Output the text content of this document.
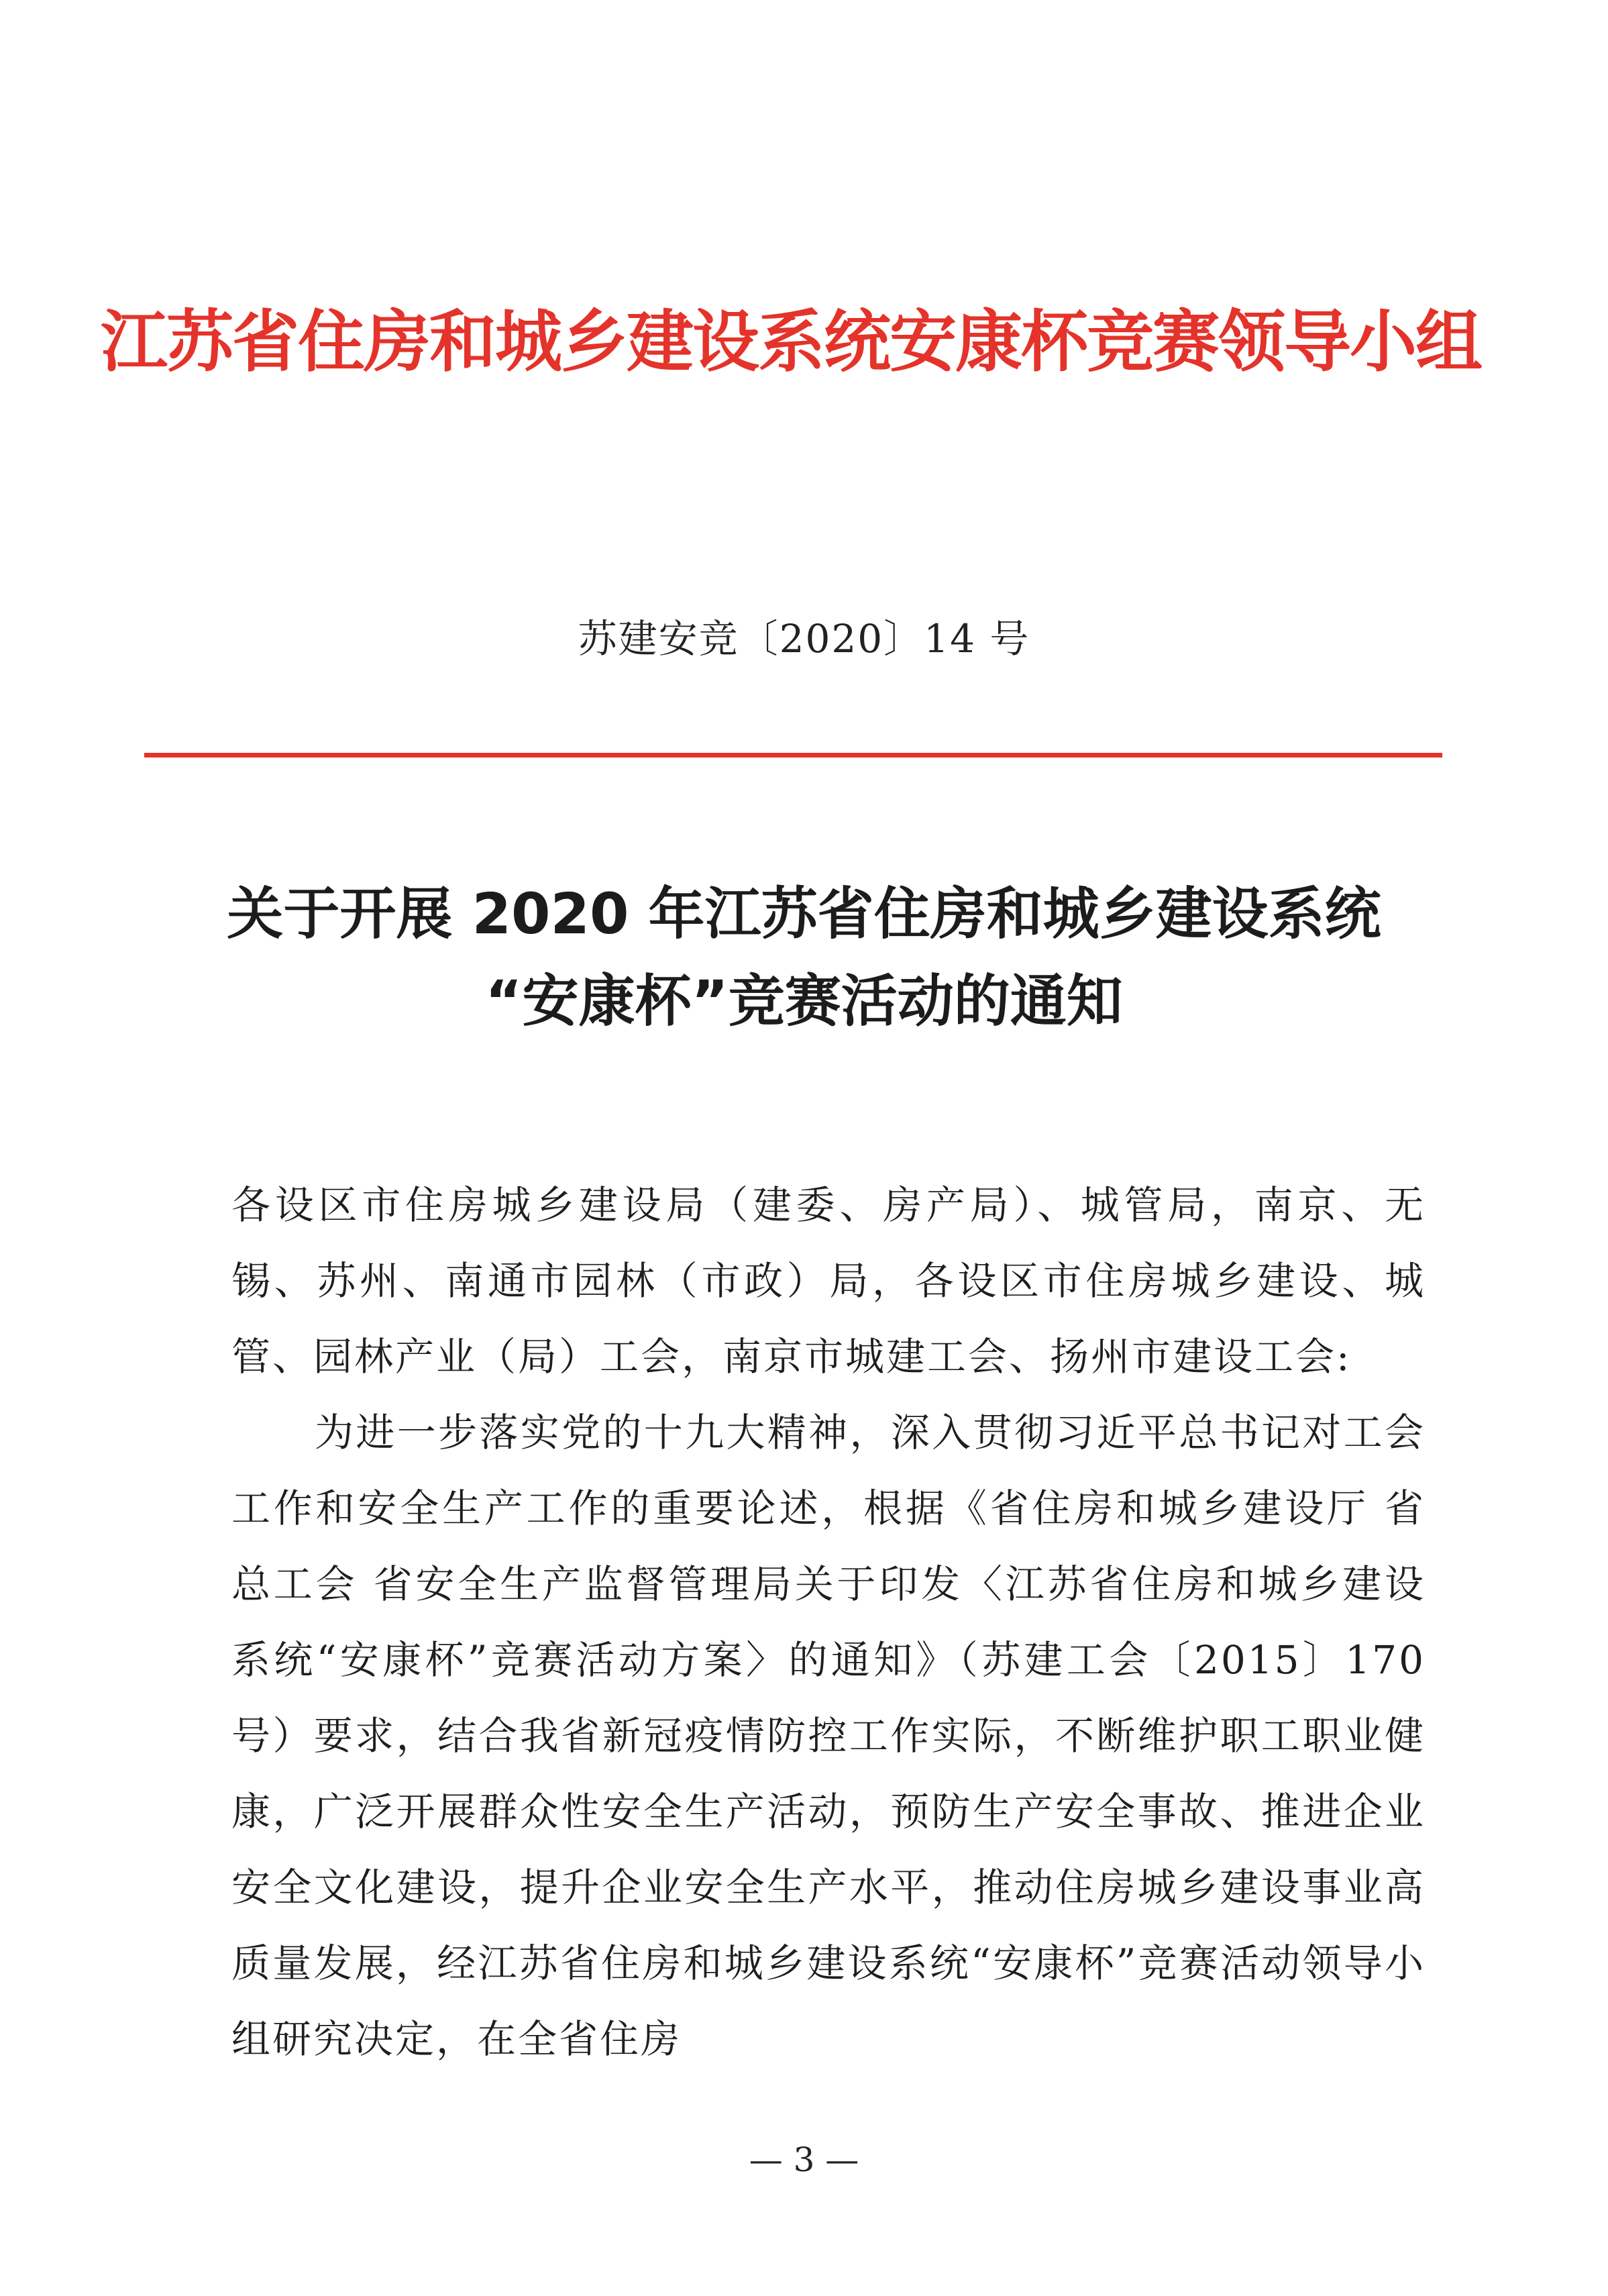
江苏省住房和城乡建设系统安康杯竞赛领导小组
苏建安竞〔2020〕14 号
关于开展 2020 年江苏省住房和城乡建设系统
“安康杯”竞赛活动的通知

各设区市住房城乡建设局（建委、房产局）、城管局，南京、无锡、苏州、南通市园林（市政）局，各设区市住房城乡建设、城管、园林产业（局）工会，南京市城建工会、扬州市建设工会:

为进一步落实党的十九大精神，深入贯彻习近平总书记对工会工作和安全生产工作的重要论述，根据《省住房和城乡建设厅 省总工会 省安全生产监督管理局关于印发〈江苏省住房和城乡建设系统“安康杯”竞赛活动方案〉的通知》（苏建工会〔2015〕170 号）要求，结合我省新冠疫情防控工作实际，不断维护职工职业健康，广泛开展群众性安全生产活动，预防生产安全事故、推进企业安全文化建设，提升企业安全生产水平，推动住房城乡建设事业高质量发展，经江苏省住房和城乡建设系统“安康杯”竞赛活动领导小组研究决定，在全省住房

— 3 —
